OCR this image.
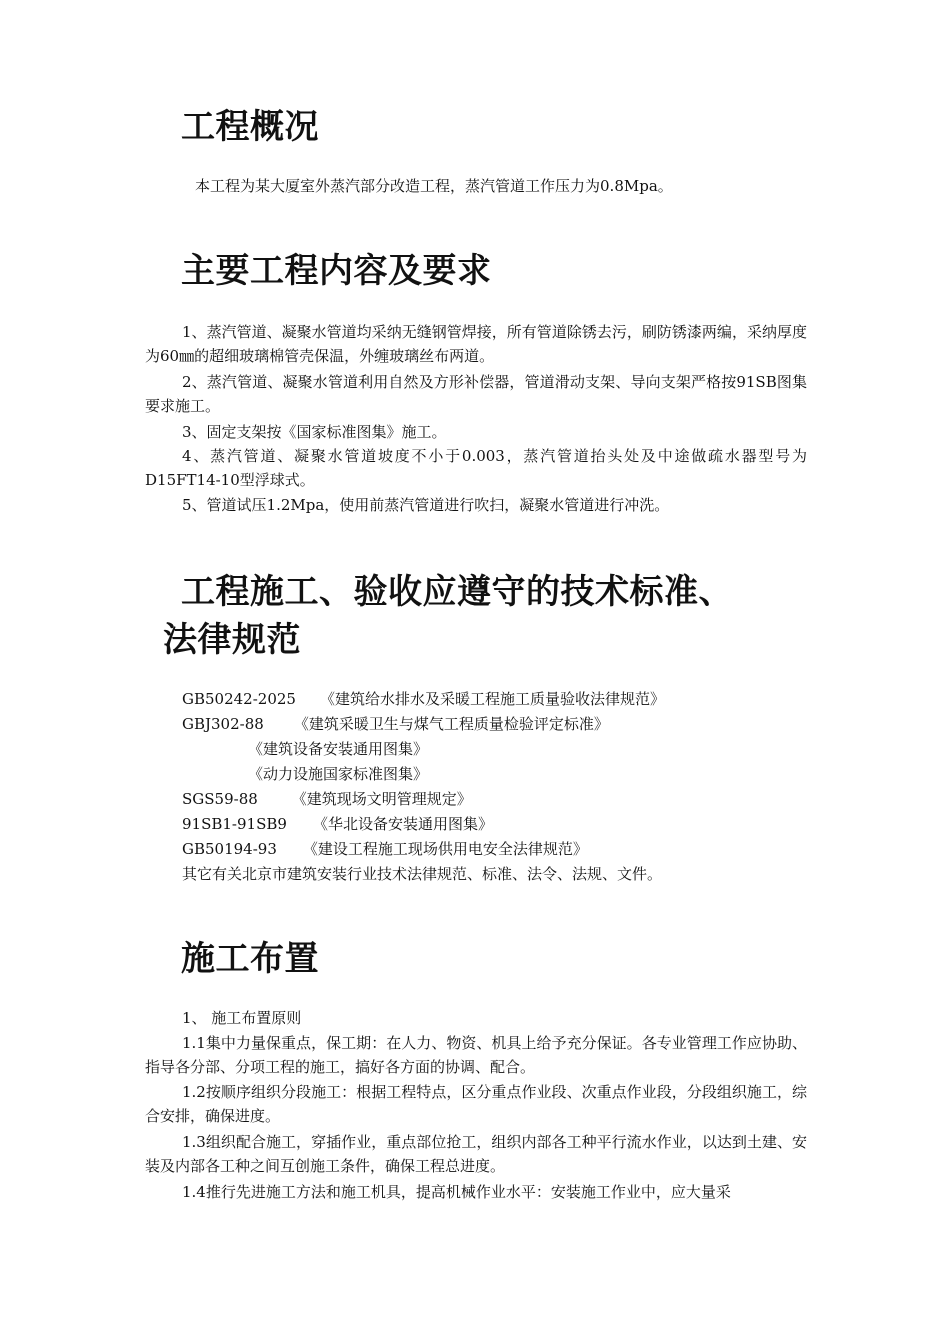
工程概况

本工程为某大厦室外蒸汽部分改造工程，蒸汽管道工作压力为0.8Mpa。

主要工程内容及要求

1、蒸汽管道、凝聚水管道均采纳无缝钢管焊接，所有管道除锈去污，刷防锈漆两编，采纳厚度为60㎜的超细玻璃棉管壳保温，外缠玻璃丝布两道。

2、蒸汽管道、凝聚水管道利用自然及方形补偿器，管道滑动支架、导向支架严格按91SB图集要求施工。

3、固定支架按《国家标准图集》施工。

4、蒸汽管道、凝聚水管道坡度不小于0.003，蒸汽管道抬头处及中途做疏水器型号为D15FT14-10型浮球式。

5、管道试压1.2Mpa，使用前蒸汽管道进行吹扫，凝聚水管道进行冲洗。

工程施工、验收应遵守的技术标准、
法律规范

GB50242-2025 《建筑给水排水及采暖工程施工质量验收法律规范》

GBJ302-88 《建筑采暖卫生与煤气工程质量检验评定标准》

《建筑设备安装通用图集》

《动力设施国家标准图集》

SGS59-88 《建筑现场文明管理规定》

91SB1-91SB9 《华北设备安装通用图集》

GB50194-93 《建设工程施工现场供用电安全法律规范》

其它有关北京市建筑安装行业技术法律规范、标准、法令、法规、文件。

施工布置

1、 施工布置原则

1.1集中力量保重点，保工期：在人力、物资、机具上给予充分保证。各专业管理工作应协助、指导各分部、分项工程的施工，搞好各方面的协调、配合。

1.2按顺序组织分段施工：根据工程特点，区分重点作业段、次重点作业段，分段组织施工，综合安排，确保进度。

1.3组织配合施工，穿插作业，重点部位抢工，组织内部各工种平行流水作业，以达到土建、安装及内部各工种之间互创施工条件，确保工程总进度。

1.4推行先进施工方法和施工机具，提高机械作业水平：安装施工作业中，应大量采
